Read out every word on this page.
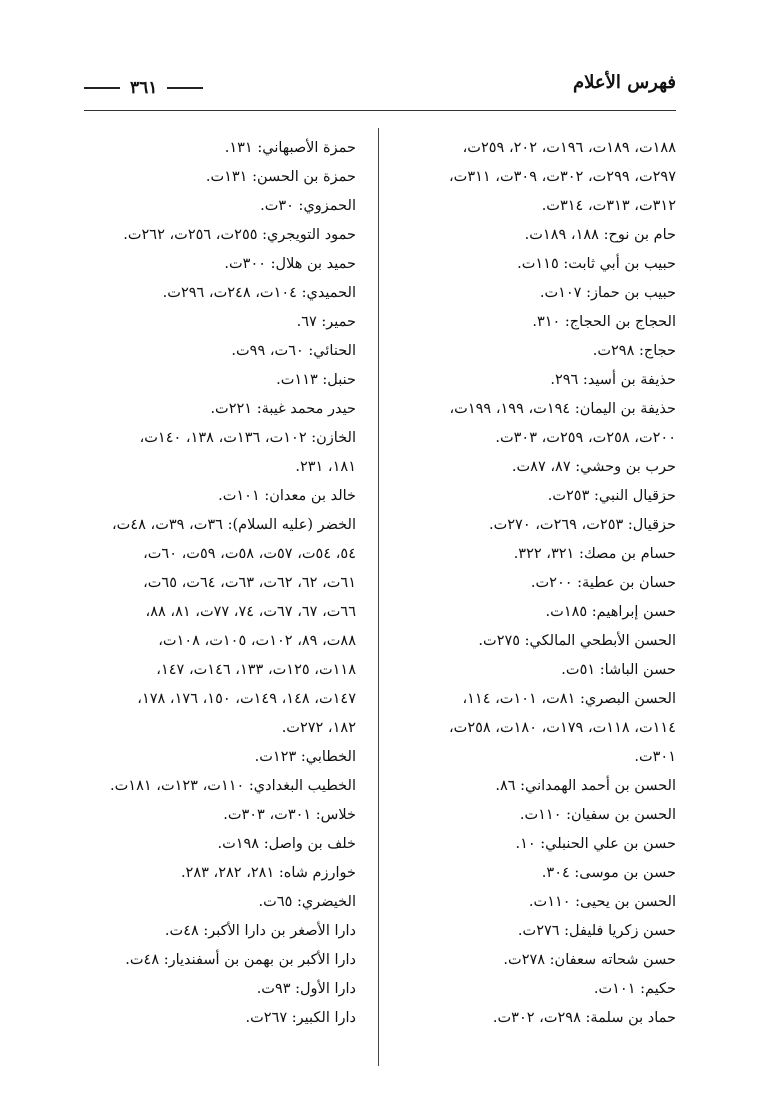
فهرس الأعلام
٣٦١
١٨٨ت، ١٨٩ت، ١٩٦ت، ٢٠٢، ٢٥٩ت،
٢٩٧ت، ٢٩٩ت، ٣٠٢ت، ٣٠٩ت، ٣١١ت،
٣١٢ت، ٣١٣ت، ٣١٤ت.
حام بن نوح: ١٨٨، ١٨٩ت.
حبيب بن أبي ثابت: ١١٥ت.
حبيب بن حماز: ١٠٧ت.
الحجاج بن الحجاج: ٣١٠.
حجاج: ٢٩٨ت.
حذيفة بن أسيد: ٢٩٦.
حذيفة بن اليمان: ١٩٤ت، ١٩٩، ١٩٩ت،
٢٠٠ت، ٢٥٨ت، ٢٥٩ت، ٣٠٣ت.
حرب بن وحشي: ٨٧، ٨٧ت.
حزقيال النبي: ٢٥٣ت.
حزقيال: ٢٥٣ت، ٢٦٩ت، ٢٧٠ت.
حسام بن مصك: ٣٢١، ٣٢٢.
حسان بن عطية: ٢٠٠ت.
حسن إبراهيم: ١٨٥ت.
الحسن الأبطحي المالكي: ٢٧٥ت.
حسن الباشا: ٥١ت.
الحسن البصري: ٨١ت، ١٠١ت، ١١٤،
١١٤ت، ١١٨ت، ١٧٩ت، ١٨٠ت، ٢٥٨ت،
٣٠١ت.
الحسن بن أحمد الهمداني: ٨٦.
الحسن بن سفيان: ١١٠ت.
حسن بن علي الحنبلي: ١٠.
حسن بن موسى: ٣٠٤.
الحسن بن يحيى: ١١٠ت.
حسن زكريا فليفل: ٢٧٦ت.
حسن شحاته سعفان: ٢٧٨ت.
حكيم: ١٠١ت.
حماد بن سلمة: ٢٩٨ت، ٣٠٢ت.
حمزة الأصبهاني: ١٣١.
حمزة بن الحسن: ١٣١ت.
الحمزوي: ٣٠ت.
حمود التويجري: ٢٥٥ت، ٢٥٦ت، ٢٦٢ت.
حميد بن هلال: ٣٠٠ت.
الحميدي: ١٠٤ت، ٢٤٨ت، ٢٩٦ت.
حمير: ٦٧.
الحنائي: ٦٠ت، ٩٩ت.
حنبل: ١١٣ت.
حيدر محمد غيبة: ٢٢١ت.
الخازن: ١٠٢ت، ١٣٦ت، ١٣٨، ١٤٠ت،
١٨١، ٢٣١.
خالد بن معدان: ١٠١ت.
الخضر (عليه السلام): ٣٦ت، ٣٩ت، ٤٨ت،
٥٤، ٥٤ت، ٥٧ت، ٥٨ت، ٥٩ت، ٦٠ت،
٦١ت، ٦٢، ٦٢ت، ٦٣ت، ٦٤ت، ٦٥ت،
٦٦ت، ٦٧، ٦٧ت، ٧٤، ٧٧ت، ٨١، ٨٨،
٨٨ت، ٨٩، ١٠٢ت، ١٠٥ت، ١٠٨ت،
١١٨ت، ١٢٥ت، ١٣٣، ١٤٦ت، ١٤٧،
١٤٧ت، ١٤٨، ١٤٩ت، ١٥٠، ١٧٦، ١٧٨،
١٨٢، ٢٧٢ت.
الخطابي: ١٢٣ت.
الخطيب البغدادي: ١١٠ت، ١٢٣ت، ١٨١ت.
خلاس: ٣٠١ت، ٣٠٣ت.
خلف بن واصل: ١٩٨ت.
خوارزم شاه: ٢٨١، ٢٨٢، ٢٨٣.
الخيضري: ٦٥ت.
دارا الأصغر بن دارا الأكبر: ٤٨ت.
دارا الأكبر بن بهمن بن أسفنديار: ٤٨ت.
دارا الأول: ٩٣ت.
دارا الكبير: ٢٦٧ت.
